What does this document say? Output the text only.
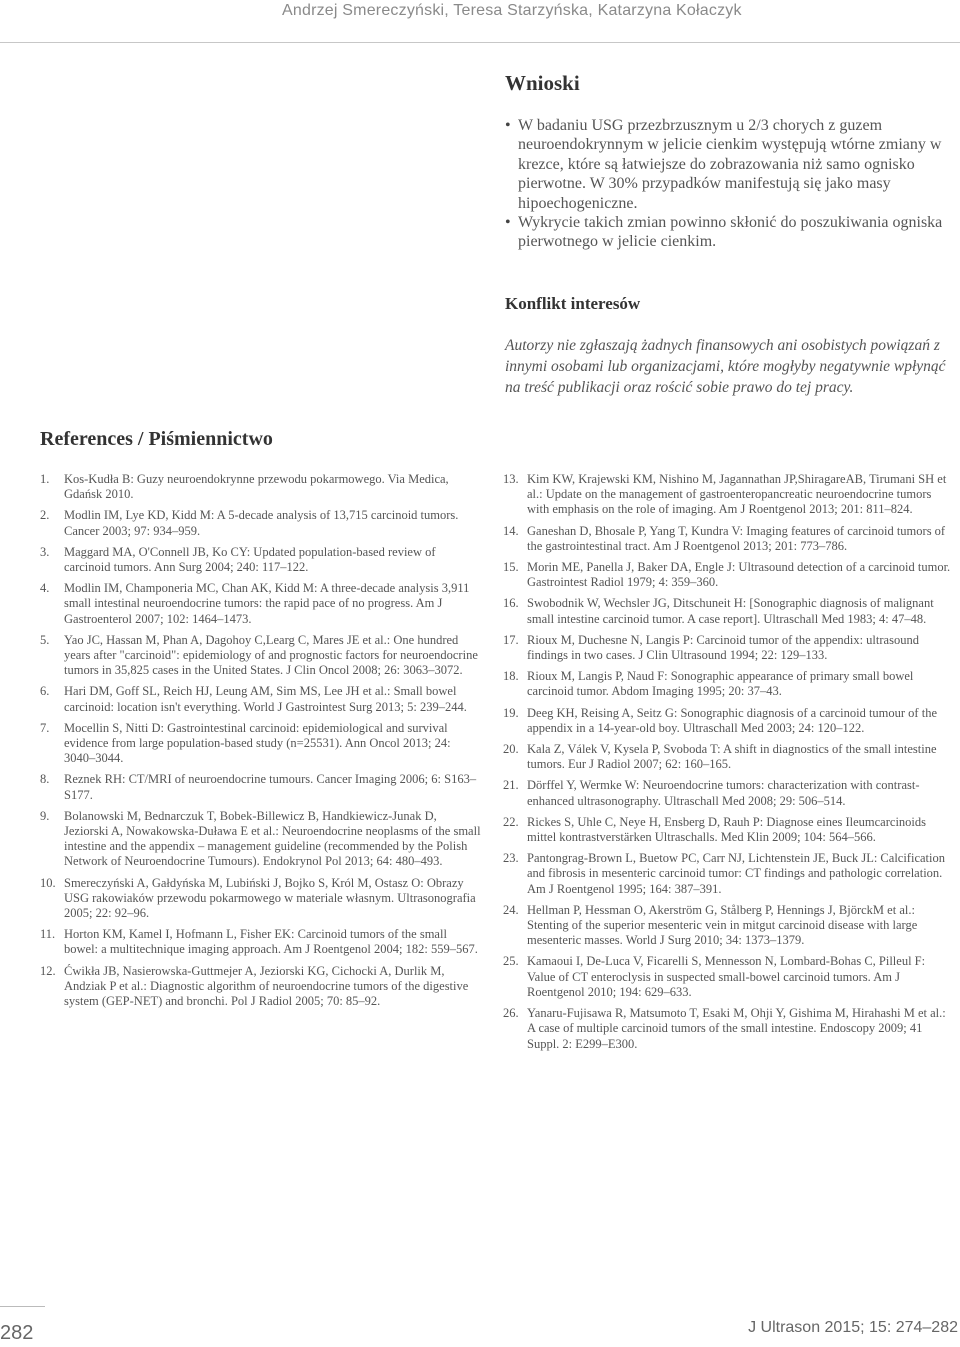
Andrzej Smereczyński, Teresa Starzyńska, Katarzyna Kołaczyk
Wnioski
• W badaniu USG przezbrzusznym u 2/3 chorych z guzem neuroendokrynnym w jelicie cienkim występują wtórne zmiany w krezce, które są łatwiejsze do zobrazowania niż samo ognisko pierwotne. W 30% przypadków manifestują się jako masy hipoechogeniczne.
• Wykrycie takich zmian powinno skłonić do poszukiwania ogniska pierwotnego w jelicie cienkim.
Konflikt interesów
Autorzy nie zgłaszają żadnych finansowych ani osobistych powiązań z innymi osobami lub organizacjami, które mogłyby negatywnie wpłynąć na treść publikacji oraz rościć sobie prawo do tej pracy.
References / Piśmiennictwo
1. Kos-Kudła B: Guzy neuroendokrynne przewodu pokarmowego. Via Medica, Gdańsk 2010.
2. Modlin IM, Lye KD, Kidd M: A 5-decade analysis of 13,715 carcinoid tumors. Cancer 2003; 97: 934–959.
3. Maggard MA, O'Connell JB, Ko CY: Updated population-based review of carcinoid tumors. Ann Surg 2004; 240: 117–122.
4. Modlin IM, Champoneria MC, Chan AK, Kidd M: A three-decade analysis 3,911 small intestinal neuroendocrine tumors: the rapid pace of no progress. Am J Gastroenterol 2007; 102: 1464–1473.
5. Yao JC, Hassan M, Phan A, Dagohoy C,Learg C, Mares JE et al.: One hundred years after "carcinoid": epidemiology of and prognostic factors for neuroendocrine tumors in 35,825 cases in the United States. J Clin Oncol 2008; 26: 3063–3072.
6. Hari DM, Goff SL, Reich HJ, Leung AM, Sim MS, Lee JH et al.: Small bowel carcinoid: location isn't everything. World J Gastrointest Surg 2013; 5: 239–244.
7. Mocellin S, Nitti D: Gastrointestinal carcinoid: epidemiological and survival evidence from large population-based study (n=25531). Ann Oncol 2013; 24: 3040–3044.
8. Reznek RH: CT/MRI of neuroendocrine tumours. Cancer Imaging 2006; 6: S163–S177.
9. Bolanowski M, Bednarczuk T, Bobek-Billewicz B, Handkiewicz-Junak D, Jeziorski A, Nowakowska-Duława E et al.: Neuroendocrine neoplasms of the small intestine and the appendix – management guideline (recommended by the Polish Network of Neuroendocrine Tumours). Endokrynol Pol 2013; 64: 480–493.
10. Smereczyński A, Gałdyńska M, Lubiński J, Bojko S, Król M, Ostasz O: Obrazy USG rakowiaków przewodu pokarmowego w materiale własnym. Ultrasonografia 2005; 22: 92–96.
11. Horton KM, Kamel I, Hofmann L, Fisher EK: Carcinoid tumors of the small bowel: a multitechnique imaging approach. Am J Roentgenol 2004; 182: 559–567.
12. Ćwikła JB, Nasierowska-Guttmejer A, Jeziorski KG, Cichocki A, Durlik M, Andziak P et al.: Diagnostic algorithm of neuroendocrine tumors of the digestive system (GEP-NET) and bronchi. Pol J Radiol 2005; 70: 85–92.
13. Kim KW, Krajewski KM, Nishino M, Jagannathan JP,ShiragareAB, Tirumani SH et al.: Update on the management of gastroenteropancreatic neuroendocrine tumors with emphasis on the role of imaging. Am J Roentgenol 2013; 201: 811–824.
14. Ganeshan D, Bhosale P, Yang T, Kundra V: Imaging features of carcinoid tumors of the gastrointestinal tract. Am J Roentgenol 2013; 201: 773–786.
15. Morin ME, Panella J, Baker DA, Engle J: Ultrasound detection of a carcinoid tumor. Gastrointest Radiol 1979; 4: 359–360.
16. Swobodnik W, Wechsler JG, Ditschuneit H: [Sonographic diagnosis of malignant small intestine carcinoid tumor. A case report]. Ultraschall Med 1983; 4: 47–48.
17. Rioux M, Duchesne N, Langis P: Carcinoid tumor of the appendix: ultrasound findings in two cases. J Clin Ultrasound 1994; 22: 129–133.
18. Rioux M, Langis P, Naud F: Sonographic appearance of primary small bowel carcinoid tumor. Abdom Imaging 1995; 20: 37–43.
19. Deeg KH, Reising A, Seitz G: Sonographic diagnosis of a carcinoid tumour of the appendix in a 14-year-old boy. Ultraschall Med 2003; 24: 120–122.
20. Kala Z, Válek V, Kysela P, Svoboda T: A shift in diagnostics of the small intestine tumors. Eur J Radiol 2007; 62: 160–165.
21. Dörffel Y, Wermke W: Neuroendocrine tumors: characterization with contrast-enhanced ultrasonography. Ultraschall Med 2008; 29: 506–514.
22. Rickes S, Uhle C, Neye H, Ensberg D, Rauh P: Diagnose eines Ileumcarcinoids mittel kontrastverstärken Ultraschalls. Med Klin 2009; 104: 564–566.
23. Pantongrag-Brown L, Buetow PC, Carr NJ, Lichtenstein JE, Buck JL: Calcification and fibrosis in mesenteric carcinoid tumor: CT findings and pathologic correlation. Am J Roentgenol 1995; 164: 387–391.
24. Hellman P, Hessman O, Akerström G, Stålberg P, Hennings J, BjörckM et al.: Stenting of the superior mesenteric vein in mitgut carcinoid disease with large mesenteric masses. World J Surg 2010; 34: 1373–1379.
25. Kamaoui I, De-Luca V, Ficarelli S, Mennesson N, Lombard-Bohas C, Pilleul F: Value of CT enteroclysis in suspected small-bowel carcinoid tumors. Am J Roentgenol 2010; 194: 629–633.
26. Yanaru-Fujisawa R, Matsumoto T, Esaki M, Ohji Y, Gishima M, Hirahashi M et al.: A case of multiple carcinoid tumors of the small intestine. Endoscopy 2009; 41 Suppl. 2: E299–E300.
282	J Ultrason 2015; 15: 274–282
